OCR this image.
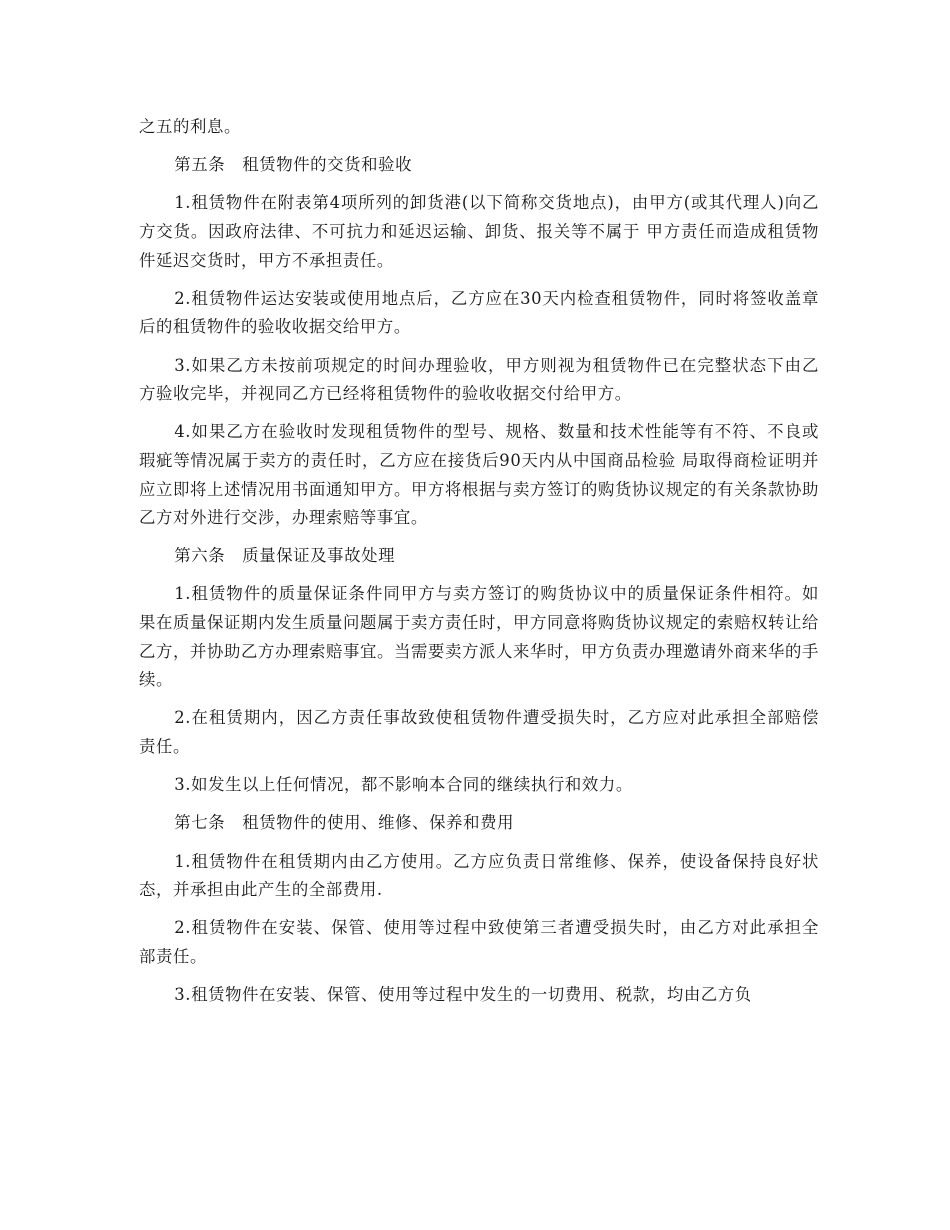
之五的利息。

第五条　租赁物件的交货和验收

1.租赁物件在附表第4项所列的卸货港(以下简称交货地点)，由甲方(或其代理人)向乙方交货。因政府法律、不可抗力和延迟运输、卸货、报关等不属于 甲方责任而造成租赁物件延迟交货时，甲方不承担责任。

2.租赁物件运达安装或使用地点后，乙方应在30天内检查租赁物件，同时将签收盖章后的租赁物件的验收收据交给甲方。

3.如果乙方未按前项规定的时间办理验收，甲方则视为租赁物件已在完整状态下由乙方验收完毕，并视同乙方已经将租赁物件的验收收据交付给甲方。

4.如果乙方在验收时发现租赁物件的型号、规格、数量和技术性能等有不符、不良或瑕疵等情况属于卖方的责任时，乙方应在接货后90天内从中国商品检验 局取得商检证明并应立即将上述情况用书面通知甲方。甲方将根据与卖方签订的购货协议规定的有关条款协助乙方对外进行交涉，办理索赔等事宜。

第六条　质量保证及事故处理

1.租赁物件的质量保证条件同甲方与卖方签订的购货协议中的质量保证条件相符。如果在质量保证期内发生质量问题属于卖方责任时，甲方同意将购货协议规定的索赔权转让给乙方，并协助乙方办理索赔事宜。当需要卖方派人来华时，甲方负责办理邀请外商来华的手续。

2.在租赁期内，因乙方责任事故致使租赁物件遭受损失时，乙方应对此承担全部赔偿责任。

3.如发生以上任何情况，都不影响本合同的继续执行和效力。

第七条　租赁物件的使用、维修、保养和费用

1.租赁物件在租赁期内由乙方使用。乙方应负责日常维修、保养，使设备保持良好状态，并承担由此产生的全部费用.

2.租赁物件在安装、保管、使用等过程中致使第三者遭受损失时，由乙方对此承担全部责任。

3.租赁物件在安装、保管、使用等过程中发生的一切费用、税款，均由乙方负
